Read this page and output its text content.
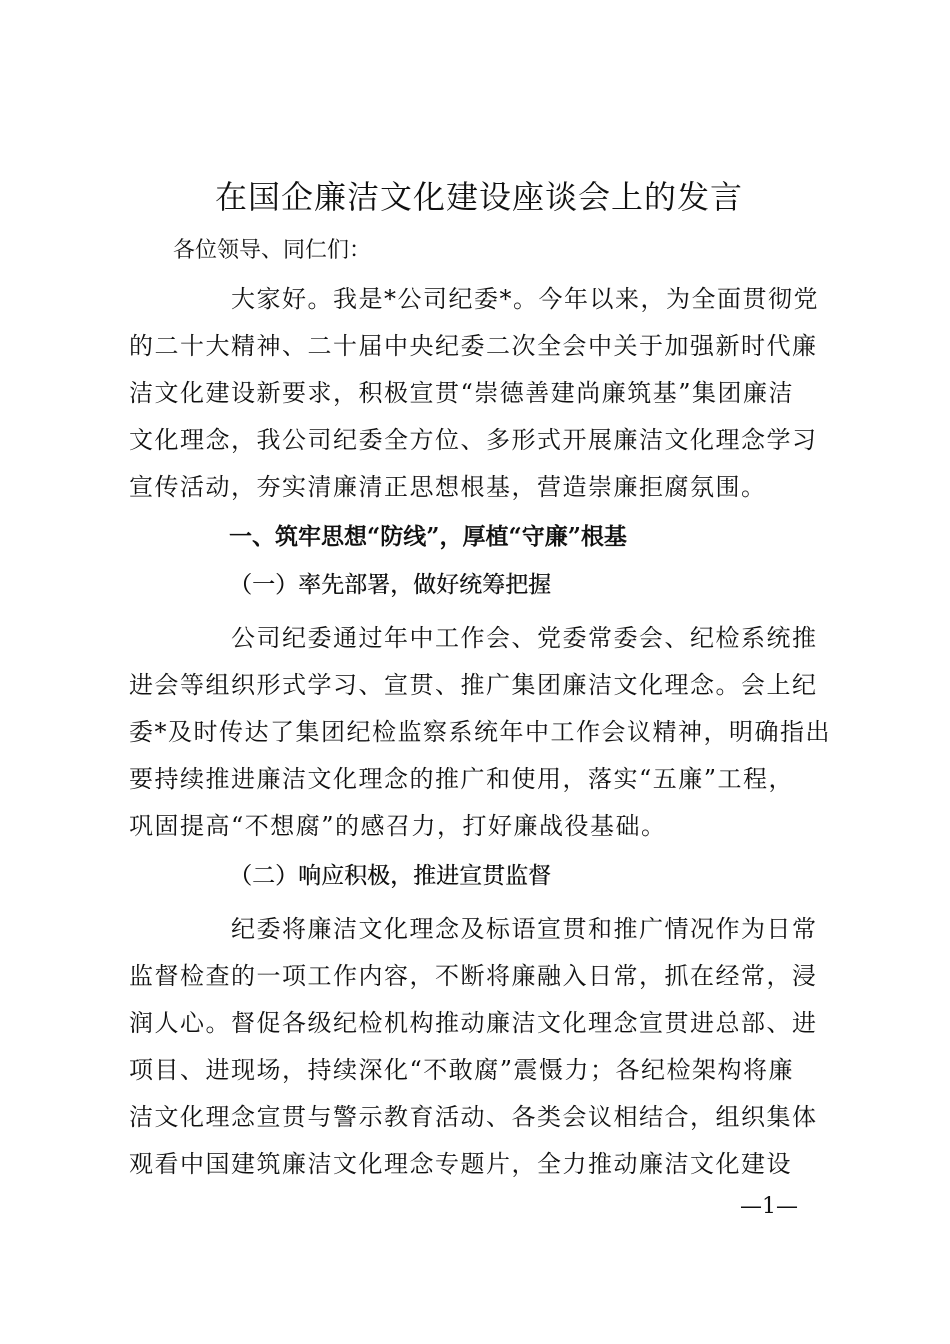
在国企廉洁文化建设座谈会上的发言

各位领导、同仁们：

大家好。我是*公司纪委*。今年以来，为全面贯彻党
的二十大精神、二十届中央纪委二次全会中关于加强新时代廉
洁文化建设新要求，积极宣贯“崇德善建尚廉筑基”集团廉洁
文化理念，我公司纪委全方位、多形式开展廉洁文化理念学习
宣传活动，夯实清廉清正思想根基，营造崇廉拒腐氛围。
一、筑牢思想“防线”，厚植“守廉”根基
（一）率先部署，做好统筹把握
公司纪委通过年中工作会、党委常委会、纪检系统推
进会等组织形式学习、宣贯、推广集团廉洁文化理念。会上纪
委*及时传达了集团纪检监察系统年中工作会议精神，明确指出
要持续推进廉洁文化理念的推广和使用，落实“五廉”工程，
巩固提高“不想腐”的感召力，打好廉战役基础。
（二）响应积极，推进宣贯监督
纪委将廉洁文化理念及标语宣贯和推广情况作为日常
监督检查的一项工作内容，不断将廉融入日常，抓在经常，浸
润人心。督促各级纪检机构推动廉洁文化理念宣贯进总部、进
项目、进现场，持续深化“不敢腐”震慑力；各纪检架构将廉
洁文化理念宣贯与警示教育活动、各类会议相结合，组织集体
观看中国建筑廉洁文化理念专题片，全力推动廉洁文化建设
—1—
